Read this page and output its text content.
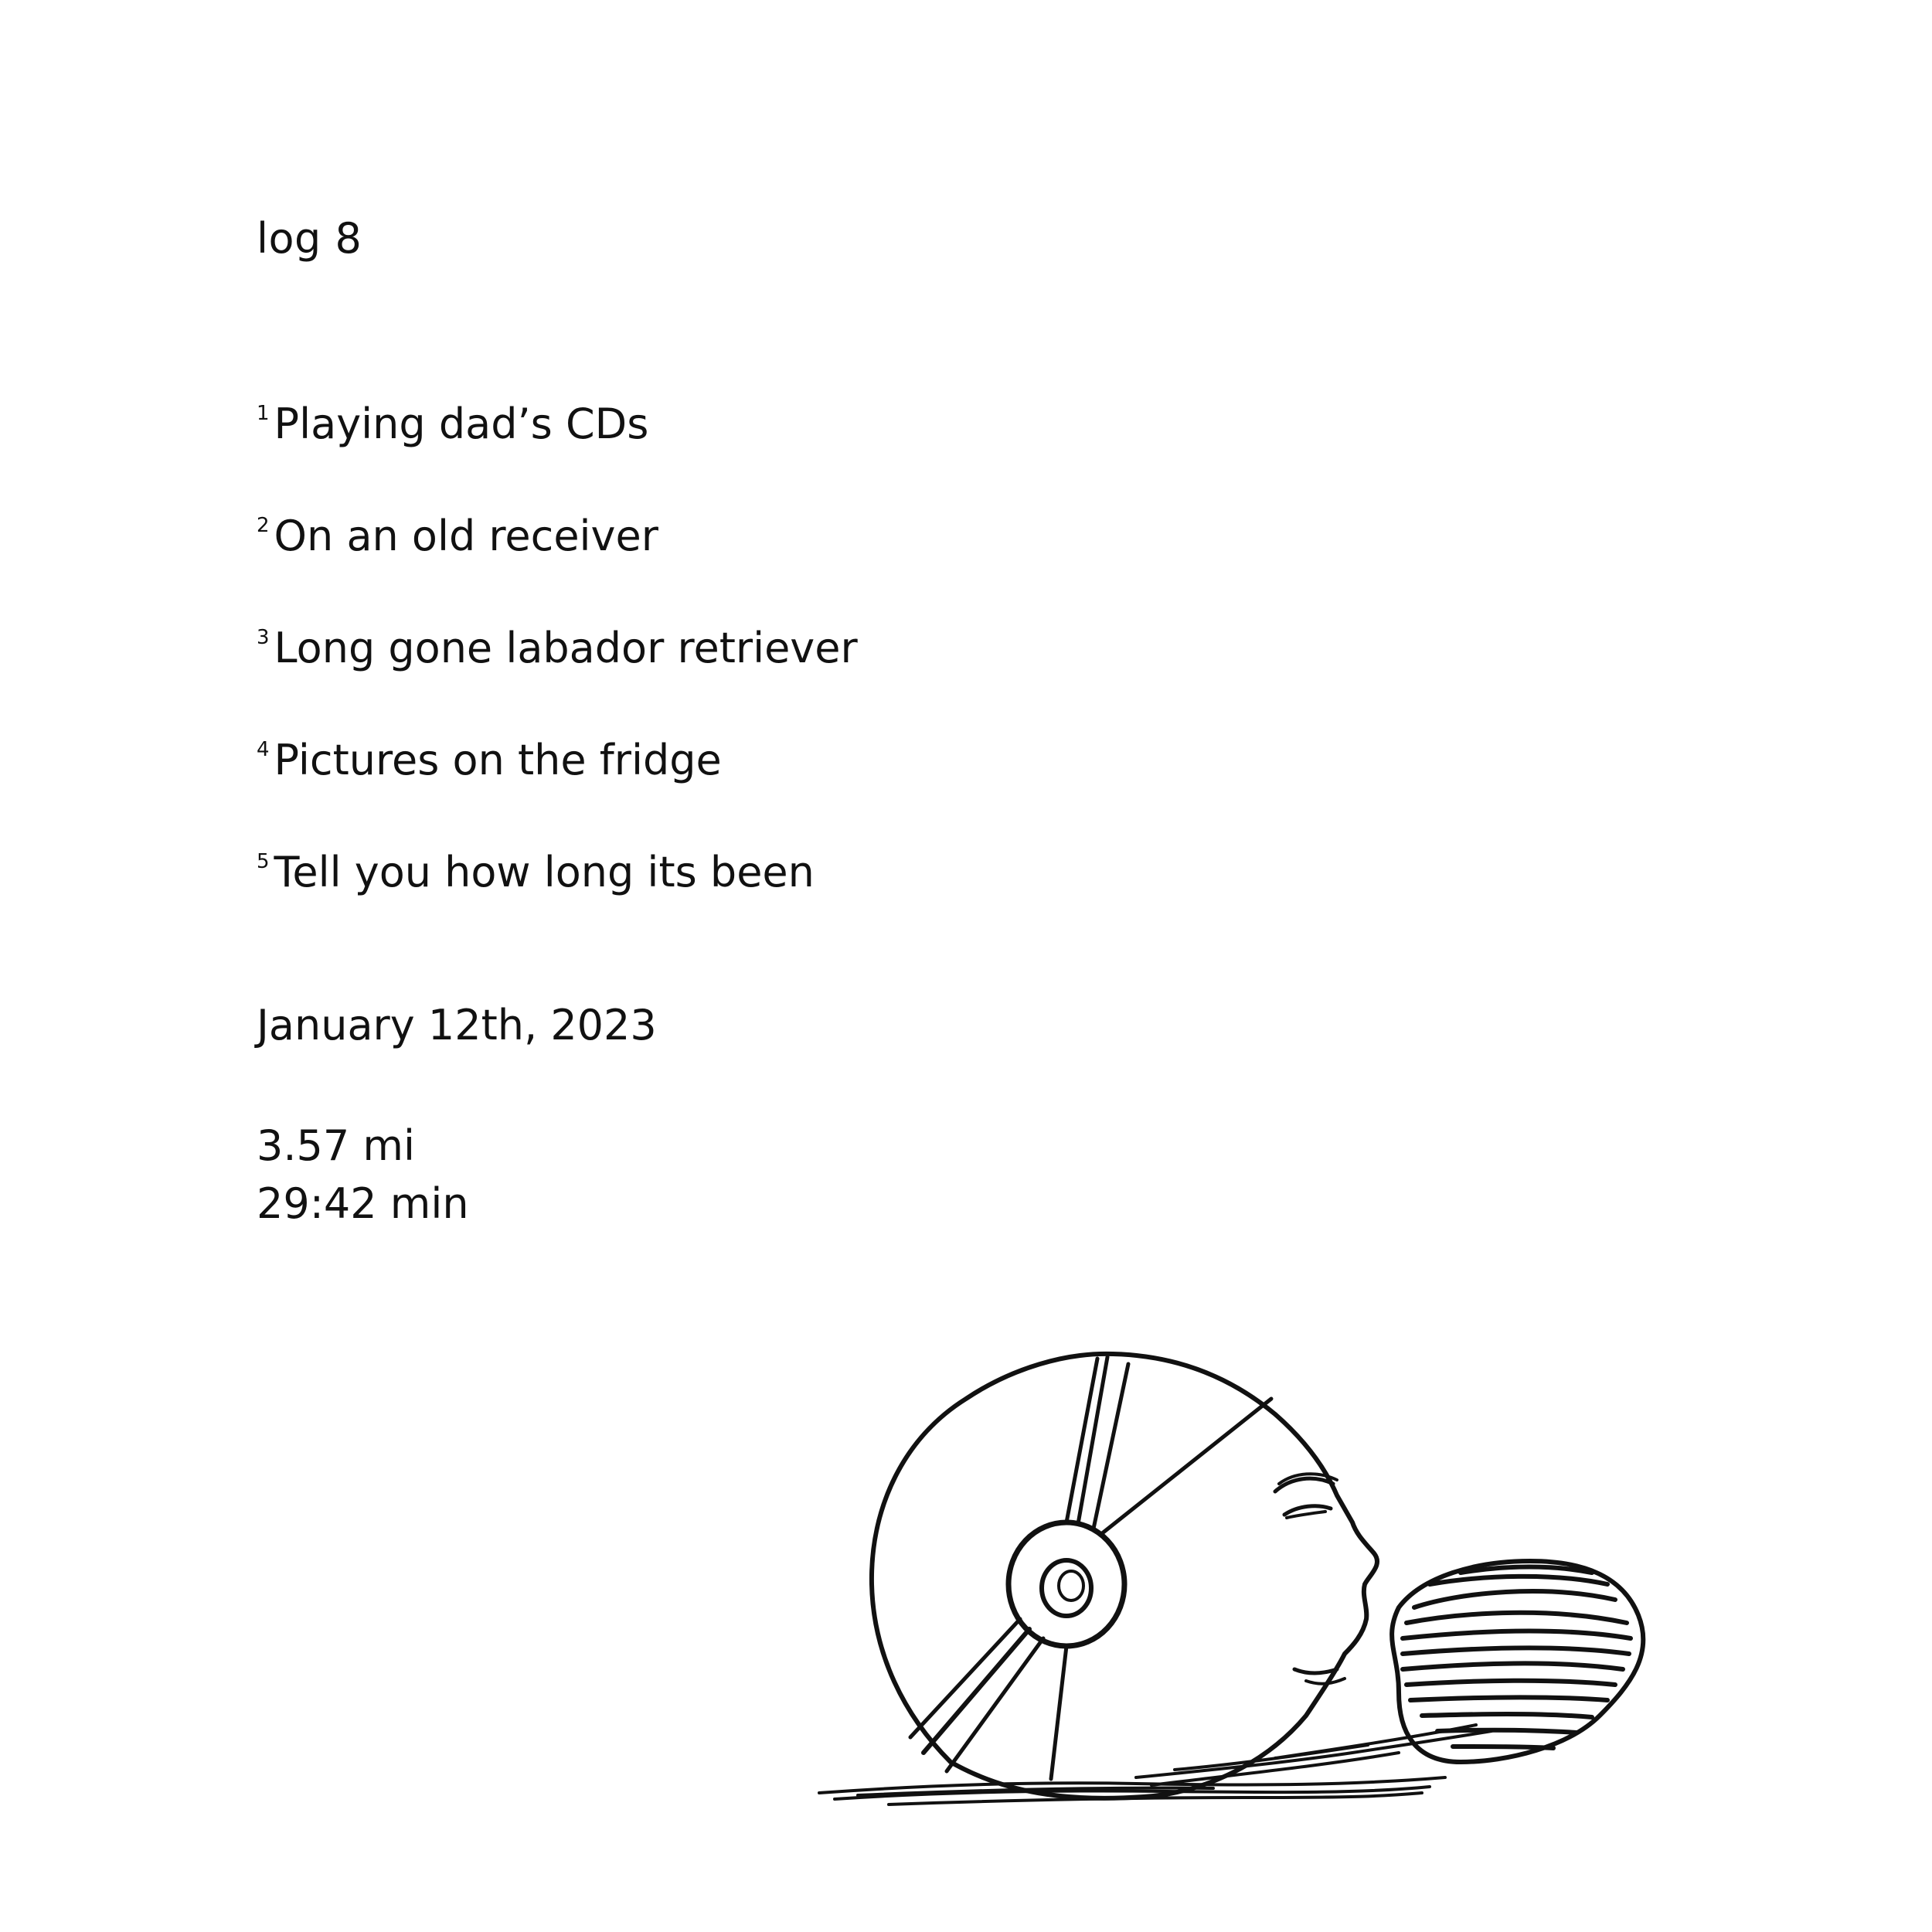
log 8
$^1$ Playing dad’s CDs
$^2$ On an old receiver
$^3$ Long gone labador retriever
$^4$ Pictures on the fridge
$^5$ Tell you how long its been
January 12th, 2023
3.57 mi
29:42 min
